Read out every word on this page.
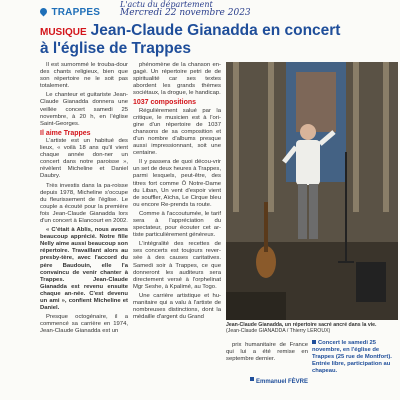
TRAPPES
L'actu du département
Mercredi 22 novembre 2023
MUSIQUE Jean-Claude Gianadda en concert
à l'église de Trappes

Il est surnommé le trouba-dour des chants religieux, bien que son répertoire ne le soit pas totalement.

Le chanteur et guitariste Jean-Claude Gianadda donnera une veillée concert samedi 25 novembre, à 20 h, en l'église Saint-Georges.

Il aime Trappes

L'artiste est un habitué des lieux, « voilà 18 ans qu'il vient chaque année don-ner un concert dans notre paroisse », révèlent Micheline et Daniel Daubry.

Très investis dans la pa-roisse depuis 1978, Micheline s'occupe du fleurissement de l'église. Le couple a écouté pour la première fois Jean-Claude Gianadda lors d'un concert à Elancourt en 2002.

« C'était à Ablis, nous avons beaucoup apprécié. Notre fille Nelly aime aussi beaucoup son répertoire. Travaillant alors au presby-tère, avec l'accord du père Baudouin, elle l'a convaincu de venir chanter à Trappes. Jean-Claude Gianadda est revenu ensuite chaque an-née. C'est devenu un ami », confient Micheline et Daniel.

Presque octogénaire, il a commencé sa carrière en 1974, Jean-Claude Gianadda est un

phénomène de la chanson en-gagé. Un répertoire petri de de spiritualité car ses textes abordent les grands thèmes sociétaux, la drogue, le handicap.

1037 compositions

Régulièrement salué par la critique, le musicien est à l'ori-gine d'un répertoire de 1037 chansons de sa composition et d'un nombre d'albums presque aussi impressionnant, soit une centaine.

Il y passera de quoi décou-vrir un set de deux heures à Trappes, parmi lesquels, peut-être, des titres fort comme Ô Notre-Dame du Liban, Un vent d'espoir vient de souffler, Aïcha, Le Cirque bleu ou encore Re-prends ta route.

Comme à l'accoutumée, le tarif sera à l'appréciation du spectateur, pour écouter cet ar-tiste particulièrement généreux.

L'intégralité des recettes de ses concerts est toujours rever-sée à des causes caritatives. Samedi soir à Trappes, ce que donneront les auditeurs sera directement versé à l'orphelinat Mgr Seshe, à Kpalimé, au Togo.

Une carrière artistique et hu-manitaire qui a valu à l'artiste de nombreuses distinctions, dont la médaille d'argent du Grand

Jean-Claude Gianadda, un répertoire sacré ancré dans la vie.
(Jean-Claude GIANADDA / Thierry LEROUX)

prix humanitaire de France qui lui a été remise en septembre dernier.

Emmanuel FÈVRE
Concert le samedi 25 novembre, en l'église de Trappes (25 rue de Montfort). Entrée libre, participation au chapeau.
